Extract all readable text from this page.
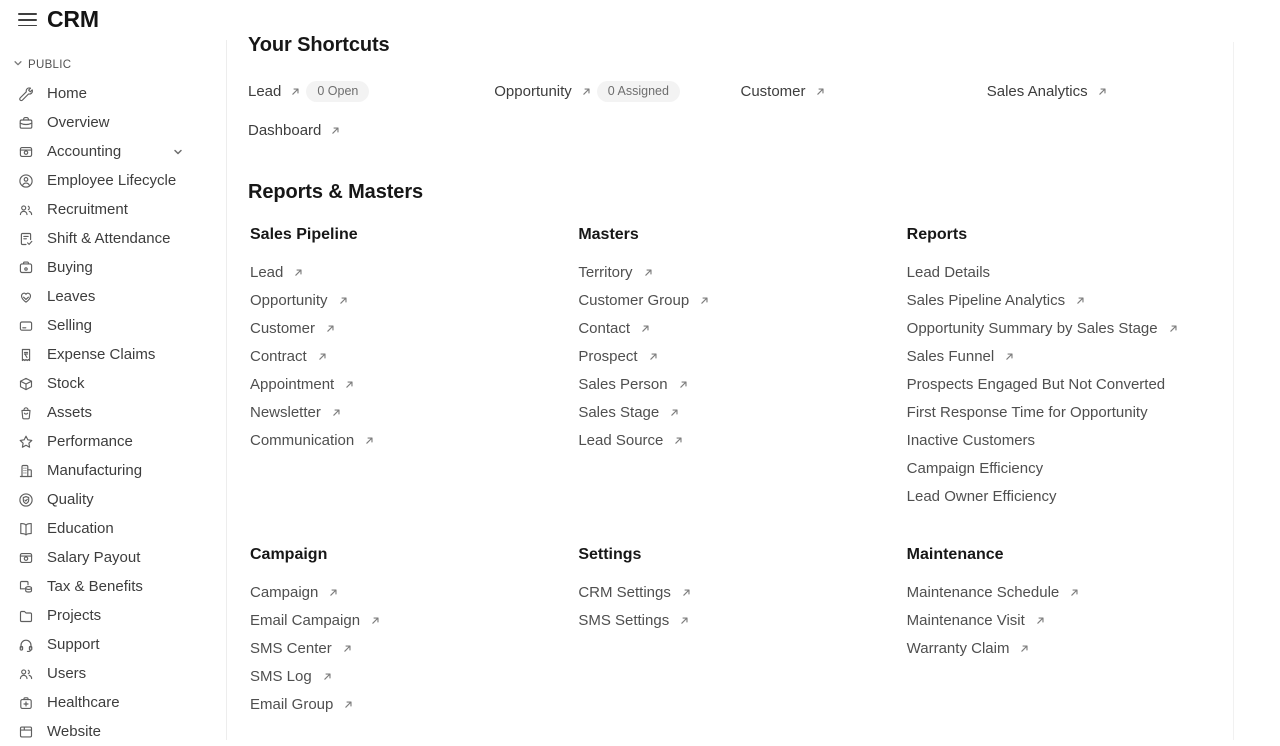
CRM
PUBLIC
Home
Overview
Accounting
Employee Lifecycle
Recruitment
Shift & Attendance
Buying
Leaves
Selling
Expense Claims
Stock
Assets
Performance
Manufacturing
Quality
Education
Salary Payout
Tax & Benefits
Projects
Support
Users
Healthcare
Website
Your Shortcuts
Lead	0 Open	Opportunity	0 Assigned	Customer	Sales Analytics
Dashboard
Reports & Masters
Sales Pipeline
Lead
Opportunity
Customer
Contract
Appointment
Newsletter
Communication
Masters
Territory
Customer Group
Contact
Prospect
Sales Person
Sales Stage
Lead Source
Reports
Lead Details
Sales Pipeline Analytics
Opportunity Summary by Sales Stage
Sales Funnel
Prospects Engaged But Not Converted
First Response Time for Opportunity
Inactive Customers
Campaign Efficiency
Lead Owner Efficiency
Campaign
Campaign
Email Campaign
SMS Center
SMS Log
Email Group
Settings
CRM Settings
SMS Settings
Maintenance
Maintenance Schedule
Maintenance Visit
Warranty Claim
